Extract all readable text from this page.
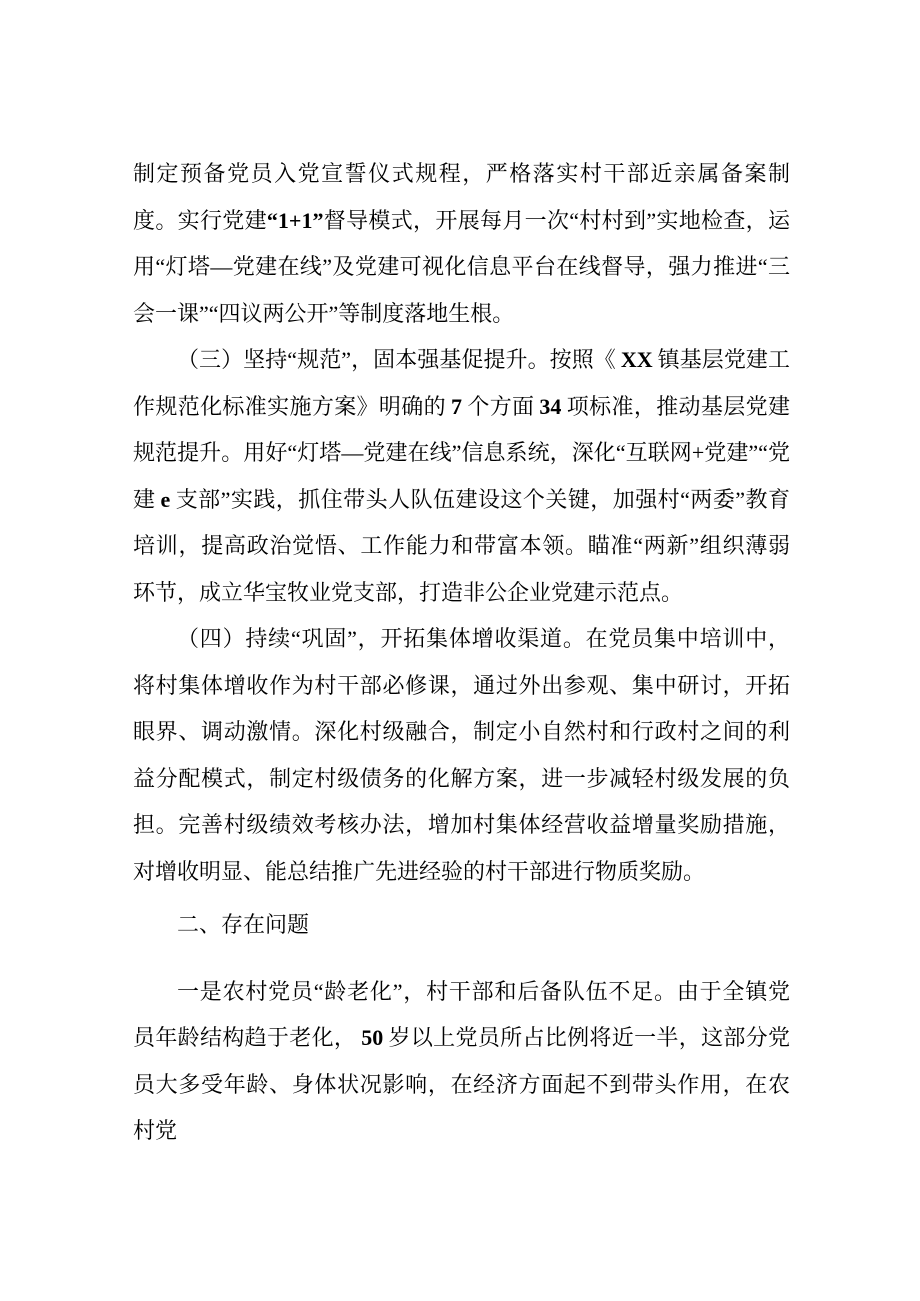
制定预备党员入党宣誓仪式规程，严格落实村干部近亲属备案制度。实行党建“1+1”督导模式，开展每月一次“村村到”实地检查，运用“灯塔—党建在线”及党建可视化信息平台在线督导，强力推进“三会一课”“四议两公开”等制度落地生根。

（三）坚持“规范”，固本强基促提升。按照《 XX 镇基层党建工作规范化标准实施方案》明确的 7 个方面 34 项标准，推动基层党建规范提升。用好“灯塔—党建在线”信息系统，深化“互联网+党建”“党建 e 支部”实践，抓住带头人队伍建设这个关键，加强村“两委”教育培训，提高政治觉悟、工作能力和带富本领。瞄准“两新”组织薄弱环节，成立华宝牧业党支部，打造非公企业党建示范点。

（四）持续“巩固”，开拓集体增收渠道。在党员集中培训中，将村集体增收作为村干部必修课，通过外出参观、集中研讨，开拓眼界、调动激情。深化村级融合，制定小自然村和行政村之间的利益分配模式，制定村级债务的化解方案，进一步减轻村级发展的负担。完善村级绩效考核办法，增加村集体经营收益增量奖励措施，对增收明显、能总结推广先进经验的村干部进行物质奖励。

二、存在问题

一是农村党员“龄老化”，村干部和后备队伍不足。由于全镇党员年龄结构趋于老化， 50 岁以上党员所占比例将近一半，这部分党员大多受年龄、身体状况影响，在经济方面起不到带头作用，在农村党
